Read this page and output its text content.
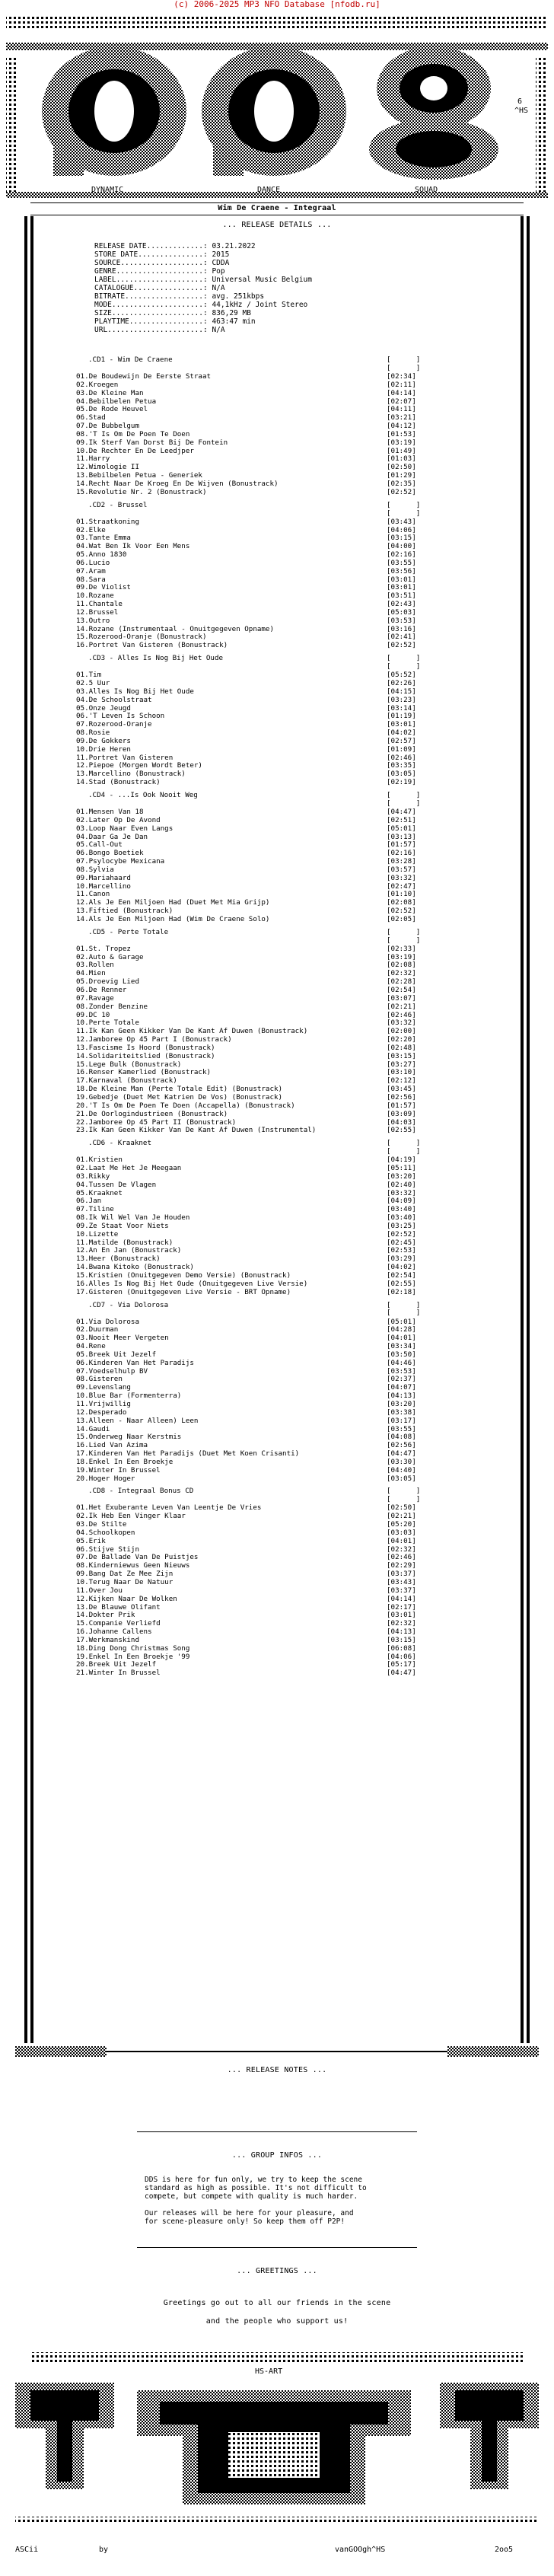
(c) 2006-2025 MP3 NFO Database [nfodb.ru]
6
^HS
DYNAMIC	DANCE	SQUAD
Wim De Craene - Integraal
... RELEASE DETAILS ...
RELEASE DATE.............: 03.21.2022
STORE DATE...............: 2015
SOURCE...................: CDDA
GENRE....................: Pop
LABEL....................: Universal Music Belgium
CATALOGUE................: N/A
BITRATE..................: avg. 251kbps
MODE.....................: 44,1kHz / Joint Stereo
SIZE.....................: 836,29 MB
PLAYTIME.................: 463:47 min
URL......................: N/A
.CD1 - Wim De Craene	[      ]
[      ]
01.De Boudewijn De Eerste Straat	[02:34]
02.Kroegen	[02:11]
03.De Kleine Man	[04:14]
04.Bebilbelen Petua	[02:07]
05.De Rode Heuvel	[04:11]
06.Stad	[03:21]
07.De Bubbelgum	[04:12]
08.'T Is Om De Poen Te Doen	[01:53]
09.Ik Sterf Van Dorst Bij De Fontein	[03:19]
10.De Rechter En De Leedjper	[01:49]
11.Harry	[01:03]
12.Wimologie II	[02:50]
13.Bebilbelen Petua - Generiek	[01:29]
14.Recht Naar De Kroeg En De Wijven (Bonustrack)	[02:35]
15.Revolutie Nr. 2 (Bonustrack)	[02:52]
.CD2 - Brussel	[      ]
[      ]
01.Straatkoning	[03:43]
02.Elke	[04:06]
03.Tante Emma	[03:15]
04.Wat Ben Ik Voor Een Mens	[04:00]
05.Anno 1830	[02:16]
06.Lucio	[03:55]
07.Aram	[03:56]
08.Sara	[03:01]
09.De Violist	[03:01]
10.Rozane	[03:51]
11.Chantale	[02:43]
12.Brussel	[05:03]
13.Outro	[03:53]
14.Rozane (Instrumentaal - Onuitgegeven Opname)	[03:16]
15.Rozerood-Oranje (Bonustrack)	[02:41]
16.Portret Van Gisteren (Bonustrack)	[02:52]
.CD3 - Alles Is Nog Bij Het Oude	[      ]
[      ]
01.Tim	[05:52]
02.5 Uur	[02:26]
03.Alles Is Nog Bij Het Oude	[04:15]
04.De Schoolstraat	[03:23]
05.Onze Jeugd	[03:14]
06.'T Leven Is Schoon	[01:19]
07.Rozerood-Oranje	[03:01]
08.Rosie	[04:02]
09.De Gokkers	[02:57]
10.Drie Heren	[01:09]
11.Portret Van Gisteren	[02:46]
12.Piepoe (Morgen Wordt Beter)	[03:35]
13.Marcellino (Bonustrack)	[03:05]
14.Stad (Bonustrack)	[02:19]
.CD4 - ...Is Ook Nooit Weg	[      ]
[      ]
01.Mensen Van 18	[04:47]
02.Later Op De Avond	[02:51]
03.Loop Naar Even Langs	[05:01]
04.Daar Ga Je Dan	[03:13]
05.Call-Out	[01:57]
06.Bongo Boetiek	[02:16]
07.Psylocybe Mexicana	[03:28]
08.Sylvia	[03:57]
09.Mariahaard	[03:32]
10.Marcellino	[02:47]
11.Canon	[01:10]
12.Als Je Een Miljoen Had (Duet Met Mia Grijp)	[02:08]
13.Fiftied (Bonustrack)	[02:52]
14.Als Je Een Miljoen Had (Wim De Craene Solo)	[02:05]
.CD5 - Perte Totale	[      ]
[      ]
01.St. Tropez	[02:33]
02.Auto & Garage	[03:19]
03.Rollen	[02:08]
04.Mien	[02:32]
05.Droevig Lied	[02:28]
06.De Renner	[02:54]
07.Ravage	[03:07]
08.Zonder Benzine	[02:21]
09.DC 10	[02:46]
10.Perte Totale	[03:32]
11.Ik Kan Geen Kikker Van De Kant Af Duwen (Bonustrack)	[02:00]
12.Jamboree Op 45 Part I (Bonustrack)	[02:20]
13.Fascisme Is Hoord (Bonustrack)	[02:48]
14.Solidariteitslied (Bonustrack)	[03:15]
15.Lege Bulk (Bonustrack)	[03:27]
16.Renser Kamerlied (Bonustrack)	[03:10]
17.Karnaval (Bonustrack)	[02:12]
18.De Kleine Man (Perte Totale Edit) (Bonustrack)	[03:45]
19.Gebedje (Duet Met Katrien De Vos) (Bonustrack)	[02:56]
20.'T Is Om De Poen Te Doen (Accapella) (Bonustrack)	[01:57]
21.De Oorlogindustrieen (Bonustrack)	[03:09]
22.Jamboree Op 45 Part II (Bonustrack)	[04:03]
23.Ik Kan Geen Kikker Van De Kant Af Duwen (Instrumental)	[02:55]
.CD6 - Kraaknet	[      ]
[      ]
01.Kristien	[04:19]
02.Laat Me Het Je Meegaan	[05:11]
03.Rikky	[03:20]
04.Tussen De Vlagen	[02:40]
05.Kraaknet	[03:32]
06.Jan	[04:09]
07.Tiline	[03:40]
08.Ik Wil Wel Van Je Houden	[03:40]
09.Ze Staat Voor Niets	[03:25]
10.Lizette	[02:52]
11.Matilde (Bonustrack)	[02:45]
12.An En Jan (Bonustrack)	[02:53]
13.Heer (Bonustrack)	[03:29]
14.Bwana Kitoko (Bonustrack)	[04:02]
15.Kristien (Onuitgegeven Demo Versie) (Bonustrack)	[02:54]
16.Alles Is Nog Bij Het Oude (Onuitgegeven Live Versie)	[02:55]
17.Gisteren (Onuitgegeven Live Versie - BRT Opname)	[02:18]
.CD7 - Via Dolorosa	[      ]
[      ]
01.Via Dolorosa	[05:01]
02.Duurman	[04:28]
03.Nooit Meer Vergeten	[04:01]
04.Rene	[03:34]
05.Breek Uit Jezelf	[03:50]
06.Kinderen Van Het Paradijs	[04:46]
07.Voedselhulp BV	[03:53]
08.Gisteren	[02:37]
09.Levenslang	[04:07]
10.Blue Bar (Formenterra)	[04:13]
11.Vrijwillig	[03:20]
12.Desperado	[03:38]
13.Alleen - Naar Alleen) Leen	[03:17]
14.Gaudi	[03:55]
15.Onderweg Naar Kerstmis	[04:08]
16.Lied Van Azima	[02:56]
17.Kinderen Van Het Paradijs (Duet Met Koen Crisanti)	[04:47]
18.Enkel In Een Broekje	[03:30]
19.Winter In Brussel	[04:40]
20.Hoger Hoger	[03:05]
.CD8 - Integraal Bonus CD	[      ]
[      ]
01.Het Exuberante Leven Van Leentje De Vries	[02:50]
02.Ik Heb Een Vinger Klaar	[02:21]
03.De Stilte	[05:20]
04.Schoolkopen	[03:03]
05.Erik	[04:01]
06.Stijve Stijn	[02:32]
07.De Ballade Van De Puistjes	[02:46]
08.Kinderniewus Geen Nieuws	[02:29]
09.Bang Dat Ze Mee Zijn	[03:37]
10.Terug Naar De Natuur	[03:43]
11.Over Jou	[03:37]
12.Kijken Naar De Wolken	[04:14]
13.De Blauwe Olifant	[02:17]
14.Dokter Prik	[03:01]
15.Companie Verliefd	[02:32]
16.Johanne Callens	[04:13]
17.Werkmanskind	[03:15]
18.Ding Dong Christmas Song	[06:08]
19.Enkel In Een Broekje '99	[04:06]
20.Breek Uit Jezelf	[05:17]
21.Winter In Brussel	[04:47]
... RELEASE NOTES ...
... GROUP INFOS ...
DDS is here for fun only, we try to keep the scene
standard as high as possible. It's not difficult to
compete, but compete with quality is much harder.
Our releases will be here for your pleasure, and
for scene-pleasure only! So keep them off P2P!
... GREETINGS ...
Greetings go out to all our friends in the scene
and the people who support us!
HS-ART
ASCii	by	vanGOOgh^HS	2oo5
